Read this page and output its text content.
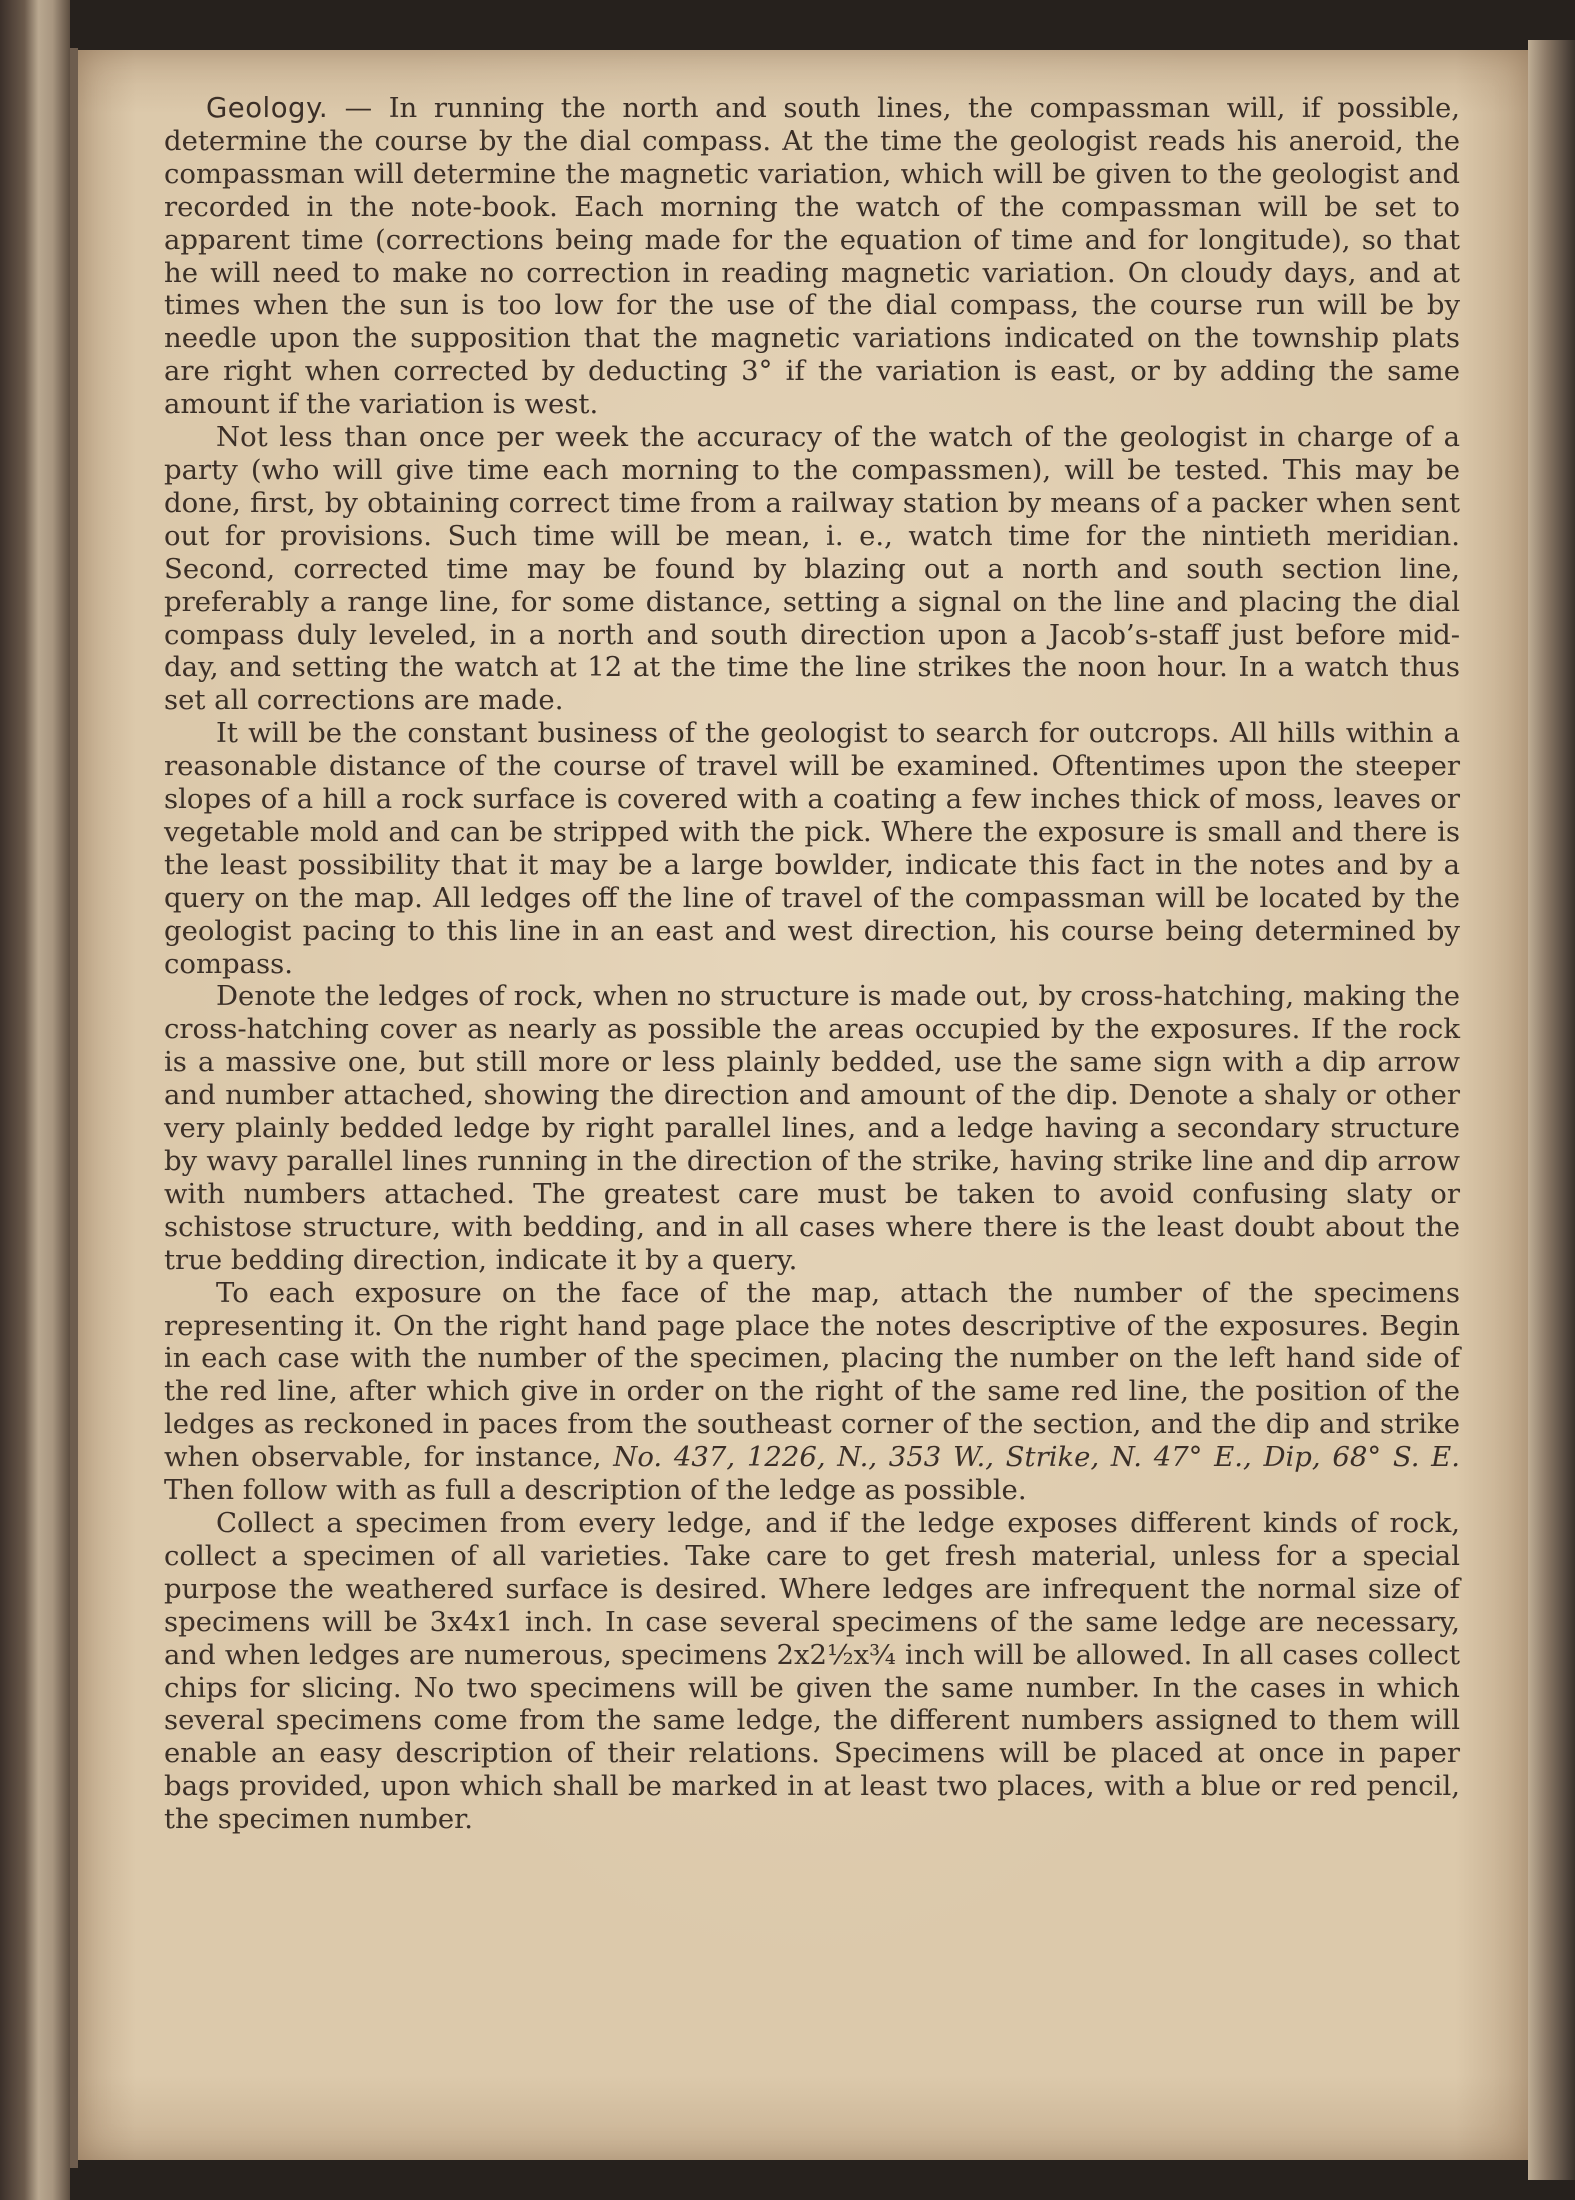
Geology. — In running the north and south lines, the compassman will, if possible, determine the course by the dial compass. At the time the geologist reads his aneroid, the compassman will determine the magnetic variation, which will be given to the geologist and recorded in the note-book. Each morning the watch of the compassman will be set to apparent time (corrections being made for the equation of time and for longitude), so that he will need to make no correction in reading magnetic variation. On cloudy days, and at times when the sun is too low for the use of the dial compass, the course run will be by needle upon the supposition that the magnetic variations indicated on the township plats are right when corrected by deducting 3° if the variation is east, or by adding the same amount if the variation is west.

Not less than once per week the accuracy of the watch of the geologist in charge of a party (who will give time each morning to the compassmen), will be tested. This may be done, first, by obtaining correct time from a railway station by means of a packer when sent out for provisions. Such time will be mean, i. e., watch time for the nintieth meridian. Second, corrected time may be found by blazing out a north and south section line, preferably a range line, for some distance, setting a signal on the line and placing the dial compass duly leveled, in a north and south direction upon a Jacob’s-staff just before mid-day, and setting the watch at 12 at the time the line strikes the noon hour. In a watch thus set all corrections are made.

It will be the constant business of the geologist to search for outcrops. All hills within a reasonable distance of the course of travel will be examined. Oftentimes upon the steeper slopes of a hill a rock surface is covered with a coating a few inches thick of moss, leaves or vegetable mold and can be stripped with the pick. Where the exposure is small and there is the least possibility that it may be a large bowlder, indicate this fact in the notes and by a query on the map. All ledges off the line of travel of the compassman will be located by the geologist pacing to this line in an east and west direction, his course being determined by compass.

Denote the ledges of rock, when no structure is made out, by cross-hatching, making the cross-hatching cover as nearly as possible the areas occupied by the exposures. If the rock is a massive one, but still more or less plainly bedded, use the same sign with a dip arrow and number attached, showing the direction and amount of the dip. Denote a shaly or other very plainly bedded ledge by right parallel lines, and a ledge having a secondary structure by wavy parallel lines running in the direction of the strike, having strike line and dip arrow with numbers attached. The greatest care must be taken to avoid confusing slaty or schistose structure, with bedding, and in all cases where there is the least doubt about the true bedding direction, indicate it by a query.

To each exposure on the face of the map, attach the number of the specimens representing it. On the right hand page place the notes descriptive of the exposures. Begin in each case with the number of the specimen, placing the number on the left hand side of the red line, after which give in order on the right of the same red line, the position of the ledges as reckoned in paces from the southeast corner of the section, and the dip and strike when observable, for instance, No. 437, 1226, N., 353 W., Strike, N. 47° E., Dip, 68° S. E. Then follow with as full a description of the ledge as possible.

Collect a specimen from every ledge, and if the ledge exposes different kinds of rock, collect a specimen of all varieties. Take care to get fresh material, unless for a special purpose the weathered surface is desired. Where ledges are infrequent the normal size of specimens will be 3x4x1 inch. In case several specimens of the same ledge are necessary, and when ledges are numerous, specimens 2x2½x¾ inch will be allowed. In all cases collect chips for slicing. No two specimens will be given the same number. In the cases in which several specimens come from the same ledge, the different numbers assigned to them will enable an easy description of their relations. Specimens will be placed at once in paper bags provided, upon which shall be marked in at least two places, with a blue or red pencil, the specimen number.
